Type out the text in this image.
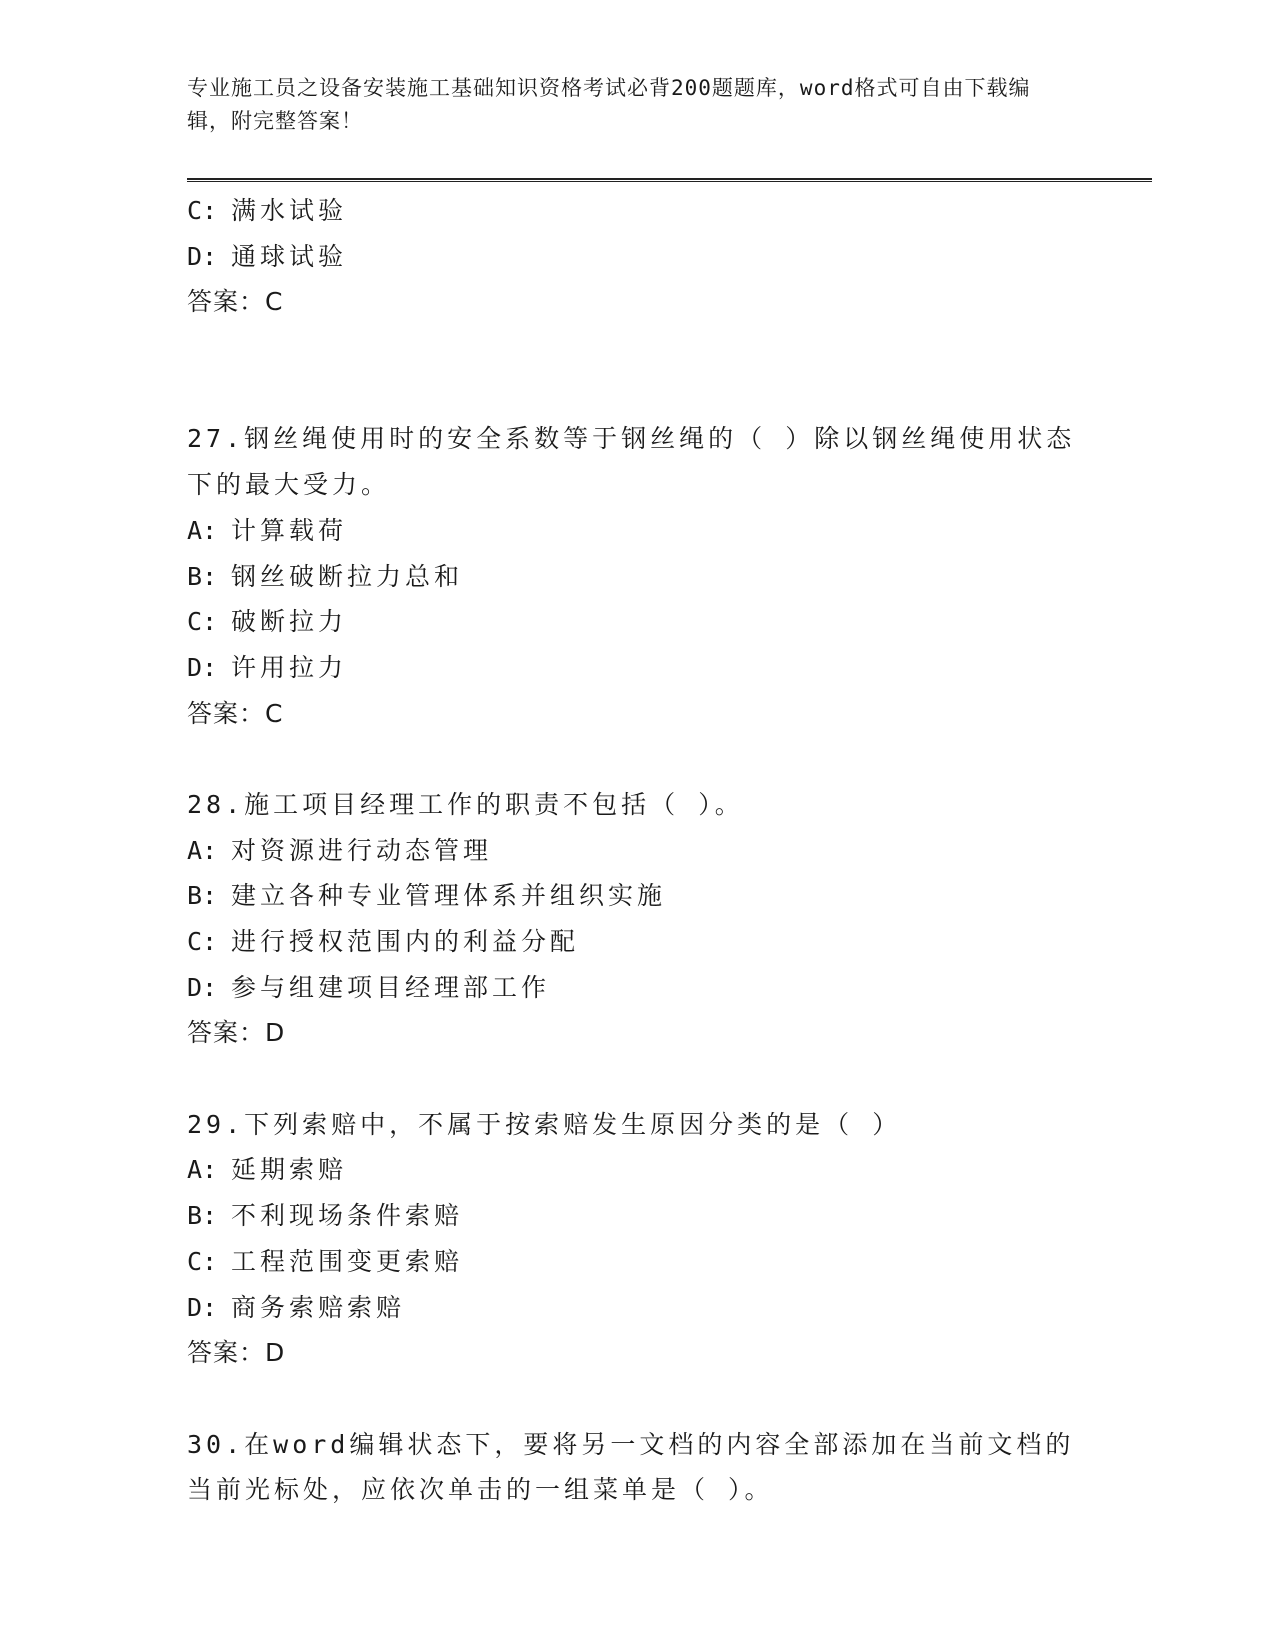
专业施工员之设备安装施工基础知识资格考试必背200题题库，word格式可自由下载编辑，附完整答案！
C: 满水试验
D: 通球试验
答案：C
27.钢丝绳使用时的安全系数等于钢丝绳的（ ）除以钢丝绳使用状态
下的最大受力。
A: 计算载荷
B: 钢丝破断拉力总和
C: 破断拉力
D: 许用拉力
答案：C
28.施工项目经理工作的职责不包括（ ）。
A: 对资源进行动态管理
B: 建立各种专业管理体系并组织实施
C: 进行授权范围内的利益分配
D: 参与组建项目经理部工作
答案：D
29.下列索赔中，不属于按索赔发生原因分类的是（ ）
A: 延期索赔
B: 不利现场条件索赔
C: 工程范围变更索赔
D: 商务索赔索赔
答案：D
30.在word编辑状态下，要将另一文档的内容全部添加在当前文档的
当前光标处，应依次单击的一组菜单是（ ）。
